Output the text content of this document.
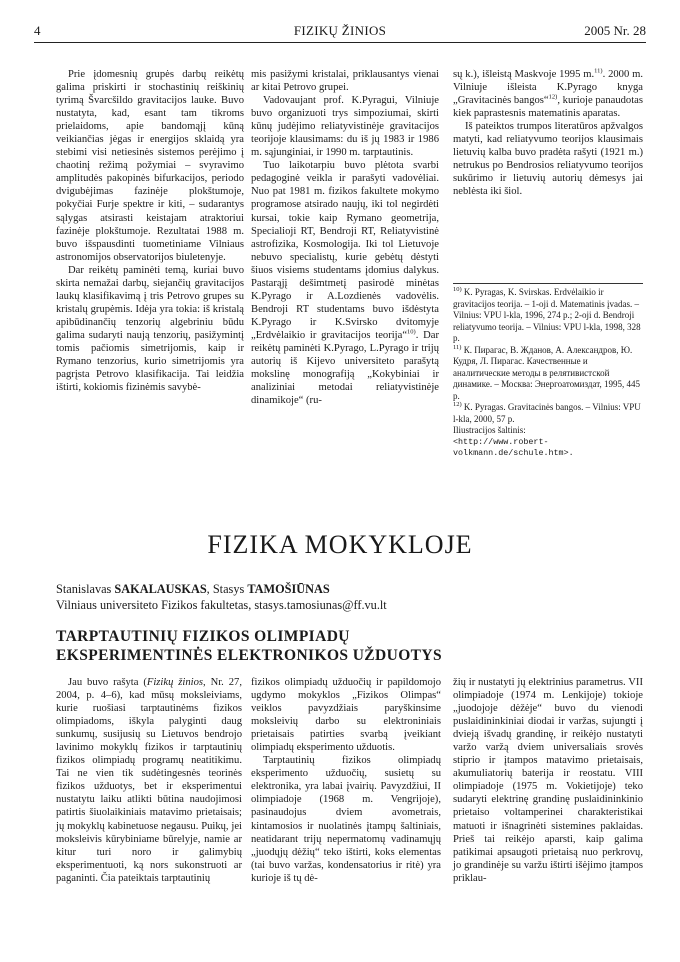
4	FIZIKŲ ŽINIOS	2005 Nr. 28

Prie įdomesnių grupės darbų reikėtų galima priskirti ir stochastinių reiškinių tyrimą Švarcšildo gravitacijos lauke. Buvo nustatyta, kad, esant tam tikroms prielaidoms, apie bandomąjį kūną veikiančias jėgas ir energijos sklaidą yra stebimi visi netiesinės sistemos perėjimo į chaotinį režimą požymiai – svyravimo amplitudės pakopinės bifurkacijos, periodo dvigubėjimas fazinėje plokštumoje, pokyčiai Furje spektre ir kiti, – sudarantys sąlygas atsirasti keistajam atraktoriui fazinėje plokštumoje. Rezultatai 1988 m. buvo išspausdinti tuometiniame Vilniaus astronomijos observatorijos biuletenyje.

Dar reikėtų paminėti temą, kuriai buvo skirta nemažai darbų, siejančių gravitacijos laukų klasifikavimą į tris Petrovo grupes su kristalų grupėmis. Idėja yra tokia: iš kristalą apibūdinančių tenzorių algebriniu būdu galima sudaryti naują tenzorių, pasižymintį tomis pačiomis simetrijomis, kaip ir Rymano tenzorius, kurio simetrijomis yra pagrįsta Petrovo klasifikacija. Tai leidžia ištirti, kokiomis fizinėmis savybė-

mis pasižymi kristalai, priklausantys vienai ar kitai Petrovo grupei.

Vadovaujant prof. K.Pyragui, Vilniuje buvo organizuoti trys simpoziumai, skirti kūnų judėjimo reliatyvistinėje gravitacijos teorijoje klausimams: du iš jų 1983 ir 1986 m. sąjunginiai, ir 1990 m. tarptautinis.

Tuo laikotarpiu buvo plėtota svarbi pedagoginė veikla ir parašyti vadovėliai. Nuo pat 1981 m. fizikos fakultete mokymo programose atsirado naujų, iki tol negirdėti kursai, tokie kaip Rymano geometrija, Specialioji RT, Bendroji RT, Reliatyvistinė astrofizika, Kosmologija. Iki tol Lietuvoje nebuvo specialistų, kurie gebėtų dėstyti šiuos visiems studentams įdomius dalykus. Pastarąjį dešimtmetį pasirodė minėtas K.Pyrago ir A.Lozdienės vadovėlis. Bendroji RT studentams buvo išdėstyta K.Pyrago ir K.Svirsko dvitomyje „Erdvėlaikio ir gravitacijos teorija“$^{10)}$. Dar reikėtų paminėti K.Pyrago, L.Pyrago ir trijų autorių iš Kijevo universiteto parašytą mokslinę monografiją „Kokybiniai ir analiziniai metodai reliatyvistinėje dinamikoje“ (ru-

sų k.), išleistą Maskvoje 1995 m.$^{11)}$. 2000 m. Vilniuje išleista K.Pyrago knyga „Gravitacinės bangos“$^{12)}$, kurioje panaudotas kiek paprastesnis matematinis aparatas.

Iš pateiktos trumpos literatūros apžvalgos matyti, kad reliatyvumo teorijos klausimais lietuvių kalba buvo pradėta rašyti (1921 m.) netrukus po Bendrosios reliatyvumo teorijos sukūrimo ir lietuvių autorių dėmesys jai neblėsta iki šiol.

$^{10)}$ K. Pyragas, K. Svirskas. Erdvėlaikio ir gravitacijos teorija. – 1-oji d. Matematinis įvadas. – Vilnius: VPU l-kla, 1996, 274 p.; 2-oji d. Bendroji reliatyvumo teorija. – Vilnius: VPU l-kla, 1998, 328 p.

$^{11)}$ К. Пирагас, В. Жданов, А. Александров, Ю. Кудря, Л. Пирагас. Качественные и аналитические методы в релятивистской динамике. – Москва: Энергоатомиздат, 1995, 445 p.

$^{12)}$ K. Pyragas. Gravitacinės bangos. – Vilnius: VPU l-kla, 2000, 57 p.

Iliustracijos šaltinis:

<http://www.robert-volkmann.de/schule.htm>.

FIZIKA MOKYKLOJE
Stanislavas SAKALAUSKAS, Stasys TAMOŠIŪNAS
Vilniaus universiteto Fizikos fakultetas, stasys.tamosiunas@ff.vu.lt
TARPTAUTINIŲ FIZIKOS OLIMPIADŲ
EKSPERIMENTINĖS ELEKTRONIKOS UŽDUOTYS

Jau buvo rašyta (Fizikų žinios, Nr. 27, 2004, p. 4–6), kad mūsų moksleiviams, kurie ruošiasi tarptautinėms fizikos olimpiadoms, iškyla palyginti daug sunkumų, susijusių su Lietuvos bendrojo lavinimo mokyklų fizikos ir tarptautinių fizikos olimpiadų programų neatitikimu. Tai ne vien tik sudėtingesnės teorinės fizikos užduotys, bet ir eksperimentui nustatytu laiku atlikti būtina naudojimosi patirtis šiuolaikiniais matavimo prietaisais; jų mokyklų kabinetuose negausu. Puikų, jei moksleivis kūrybiniame būrelyje, namie ar kitur turi noro ir galimybių eksperimentuoti, ką nors sukonstruoti ar paganinti. Čia pateiktais tarptautinių

fizikos olimpiadų užduočių ir papildomojo ugdymo mokyklos „Fizikos Olimpas“ veiklos pavyzdžiais paryškinsime moksleivių darbo su elektroniniais prietaisais patirties svarbą įveikiant olimpiadų eksperimento užduotis.

Tarptautinių fizikos olimpiadų eksperimento užduočių, susietų su elektronika, yra labai įvairių. Pavyzdžiui, II olimpiadoje (1968 m. Vengrijoje), pasinaudojus dviem avometrais, kintamosios ir nuolatinės įtampų šaltiniais, neatidarant trijų nepermatomų vadinamųjų „juodųjų dėžių“ teko ištirti, koks elementas (tai buvo varžas, kondensatorius ir ritė) yra kurioje iš tų dė-

žių ir nustatyti jų elektrinius parametrus. VII olimpiadoje (1974 m. Lenkijoje) tokioje „juodojoje dėžėje“ buvo du vienodi puslaidininkiniai diodai ir varžas, sujungti į dvieją išvadų grandinę, ir reikėjo nustatyti varžo varžą dviem universaliais srovės stiprio ir įtampos matavimo prietaisais, akumuliatorių baterija ir reostatu. VIII olimpiadoje (1975 m. Vokietijoje) teko sudaryti elektrinę grandinę puslaidininkinio prietaiso voltamperinei charakteristikai matuoti ir išnagrinėti sistemines paklaidas. Prieš tai reikėjo aparsti, kaip galima patikimai apsaugoti prietaisą nuo perkrovų, jo grandinėje su varžu ištirti išėjimo įtampos priklau-
